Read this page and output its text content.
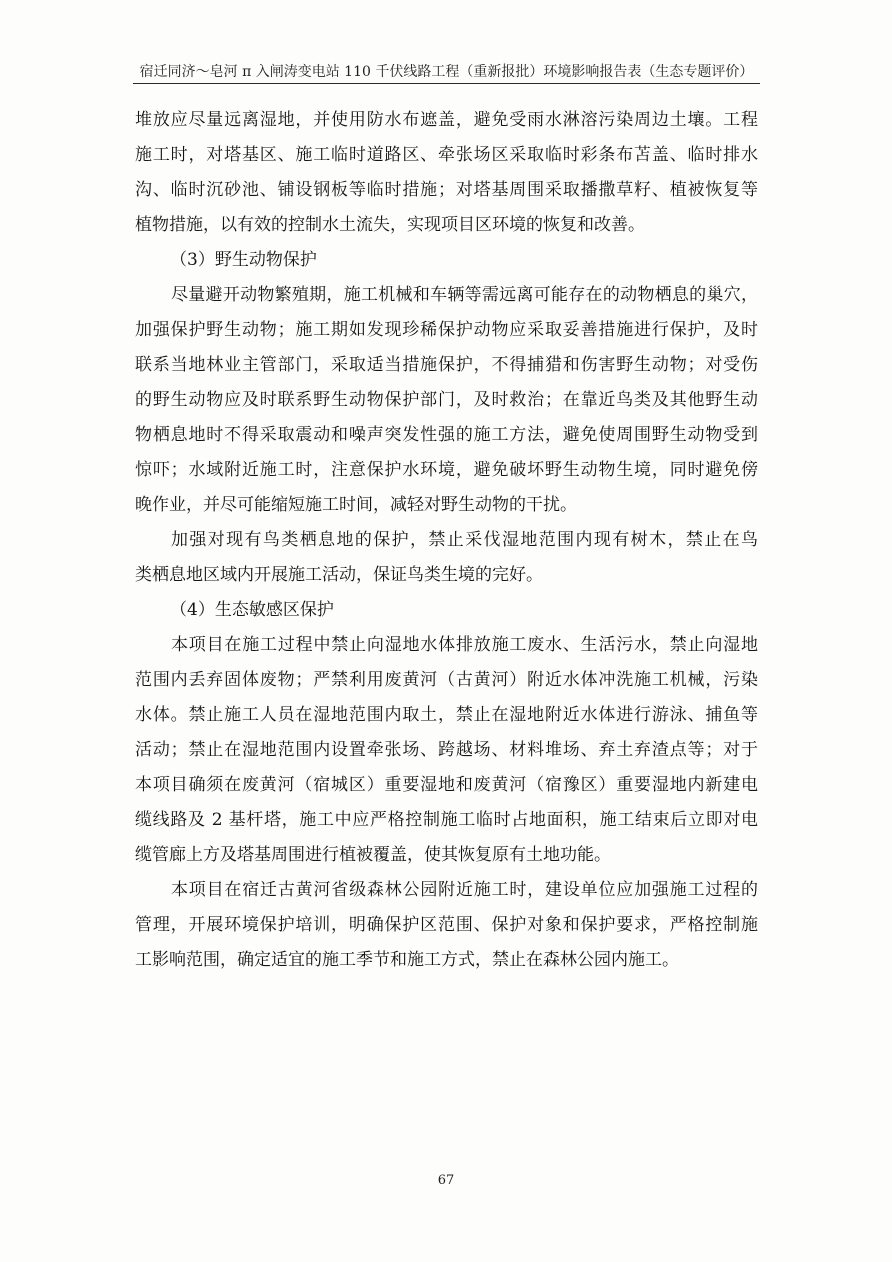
宿迁同济～皂河 π 入闸涛变电站 110 千伏线路工程（重新报批）环境影响报告表（生态专题评价）
堆放应尽量远离湿地，并使用防水布遮盖，避免受雨水淋溶污染周边土壤。工程
施工时，对塔基区、施工临时道路区、牵张场区采取临时彩条布苫盖、临时排水
沟、临时沉砂池、铺设钢板等临时措施；对塔基周围采取播撒草籽、植被恢复等
植物措施，以有效的控制水土流失，实现项目区环境的恢复和改善。
（3）野生动物保护
尽量避开动物繁殖期，施工机械和车辆等需远离可能存在的动物栖息的巢穴，
加强保护野生动物；施工期如发现珍稀保护动物应采取妥善措施进行保护，及时
联系当地林业主管部门，采取适当措施保护，不得捕猎和伤害野生动物；对受伤
的野生动物应及时联系野生动物保护部门，及时救治；在靠近鸟类及其他野生动
物栖息地时不得采取震动和噪声突发性强的施工方法，避免使周围野生动物受到
惊吓；水域附近施工时，注意保护水环境，避免破坏野生动物生境，同时避免傍
晚作业，并尽可能缩短施工时间，减轻对野生动物的干扰。
加强对现有鸟类栖息地的保护，禁止采伐湿地范围内现有树木，禁止在鸟
类栖息地区域内开展施工活动，保证鸟类生境的完好。
（4）生态敏感区保护
本项目在施工过程中禁止向湿地水体排放施工废水、生活污水，禁止向湿地
范围内丢弃固体废物；严禁利用废黄河（古黄河）附近水体冲洗施工机械，污染
水体。禁止施工人员在湿地范围内取土，禁止在湿地附近水体进行游泳、捕鱼等
活动；禁止在湿地范围内设置牵张场、跨越场、材料堆场、弃土弃渣点等；对于
本项目确须在废黄河（宿城区）重要湿地和废黄河（宿豫区）重要湿地内新建电
缆线路及 2 基杆塔，施工中应严格控制施工临时占地面积，施工结束后立即对电
缆管廊上方及塔基周围进行植被覆盖，使其恢复原有土地功能。
本项目在宿迁古黄河省级森林公园附近施工时，建设单位应加强施工过程的
管理，开展环境保护培训，明确保护区范围、保护对象和保护要求，严格控制施
工影响范围，确定适宜的施工季节和施工方式，禁止在森林公园内施工。
67
